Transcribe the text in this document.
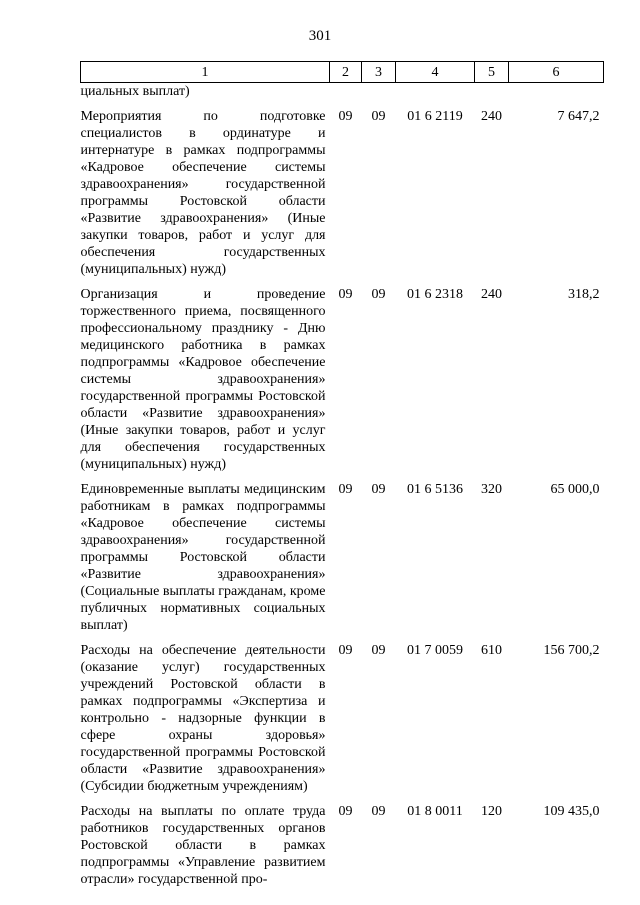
301
1	2	3	4	5	6
циальных выплат)					

Мероприятия по подготовке специалистов в ординатуре и интернатуре в рамках подпрограммы «Кадровое обеспечение системы здравоохранения» государственной программы Ростовской области «Развитие здравоохранения» (Иные закупки товаров, работ и услуг для обеспечения государственных (муниципальных) нужд)	09	09	01 6 2119	240	7 647,2

Организация и проведение торжественного приема, посвященного профессиональному празднику - Дню медицинского работника в рамках подпрограммы «Кадровое обеспечение системы здравоохранения» государственной программы Ростовской области «Развитие здравоохранения» (Иные закупки товаров, работ и услуг для обеспечения государственных (муниципальных) нужд)	09	09	01 6 2318	240	318,2

Единовременные выплаты медицинским работникам в рамках подпрограммы «Кадровое обеспечение системы здравоохранения» государственной программы Ростовской области «Развитие здравоохранения» (Социальные выплаты гражданам, кроме публичных нормативных социальных выплат)	09	09	01 6 5136	320	65 000,0

Расходы на обеспечение деятельности (оказание услуг) государственных учреждений Ростовской области в рамках подпрограммы «Экспертиза и контрольно - надзорные функции в сфере охраны здоровья» государственной программы Ростовской области «Развитие здравоохранения» (Субсидии бюджетным учреждениям)	09	09	01 7 0059	610	156 700,2

Расходы на выплаты по оплате труда работников государственных органов Ростовской области в рамках подпрограммы «Управление развитием отрасли» государственной про-	09	09	01 8 0011	120	109 435,0
